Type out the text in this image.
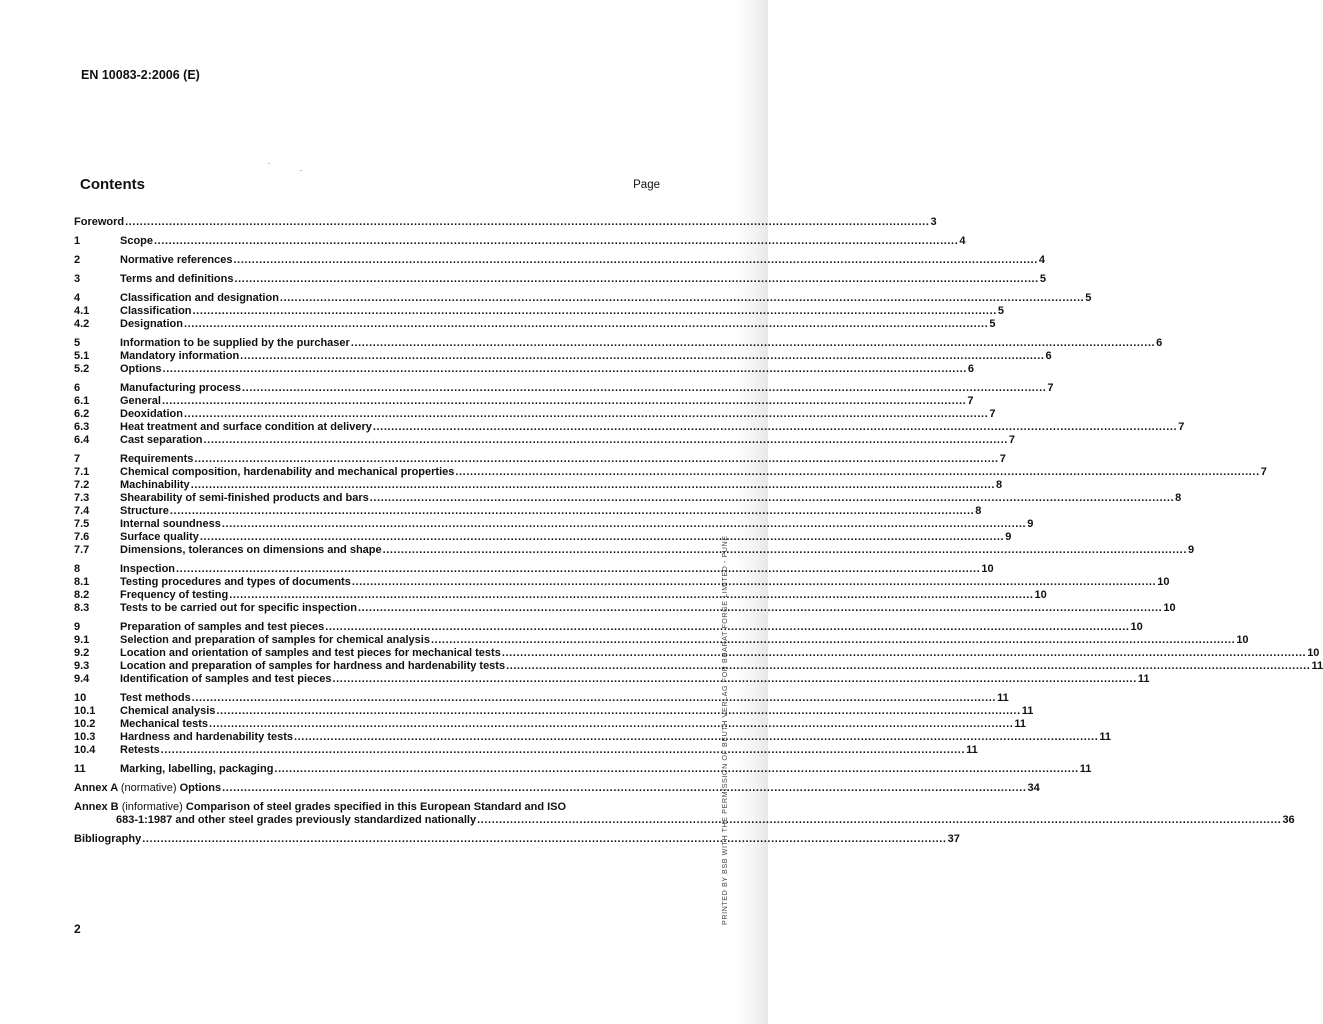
EN 10083-2:2006 (E)
Contents	Page
Foreword ............................................................................................................................................................................................................................ 3
1	Scope ............................................................................................................................................................................................................................ 4
2	Normative references ............................................................................................................................................................................................................................ 4
3	Terms and definitions ............................................................................................................................................................................................................................ 5
4	Classification and designation ............................................................................................................................................................................................................................ 5
4.1	Classification ............................................................................................................................................................................................................................ 5
4.2	Designation ............................................................................................................................................................................................................................ 5
5	Information to be supplied by the purchaser ............................................................................................................................................................................................................................ 6
5.1	Mandatory information ............................................................................................................................................................................................................................ 6
5.2	Options ............................................................................................................................................................................................................................ 6
6	Manufacturing process ............................................................................................................................................................................................................................ 7
6.1	General ............................................................................................................................................................................................................................ 7
6.2	Deoxidation ............................................................................................................................................................................................................................ 7
6.3	Heat treatment and surface condition at delivery ............................................................................................................................................................................................................................ 7
6.4	Cast separation ............................................................................................................................................................................................................................ 7
7	Requirements ............................................................................................................................................................................................................................ 7
7.1	Chemical composition, hardenability and mechanical properties ............................................................................................................................................................................................................................ 7
7.2	Machinability ............................................................................................................................................................................................................................ 8
7.3	Shearability of semi-finished products and bars ............................................................................................................................................................................................................................ 8
7.4	Structure ............................................................................................................................................................................................................................ 8
7.5	Internal soundness ............................................................................................................................................................................................................................ 9
7.6	Surface quality ............................................................................................................................................................................................................................ 9
7.7	Dimensions, tolerances on dimensions and shape ............................................................................................................................................................................................................................ 9
8	Inspection ............................................................................................................................................................................................................................ 10
8.1	Testing procedures and types of documents ............................................................................................................................................................................................................................ 10
8.2	Frequency of testing ............................................................................................................................................................................................................................ 10
8.3	Tests to be carried out for specific inspection ............................................................................................................................................................................................................................ 10
9	Preparation of samples and test pieces ............................................................................................................................................................................................................................ 10
9.1	Selection and preparation of samples for chemical analysis ............................................................................................................................................................................................................................ 10
9.2	Location and orientation of samples and test pieces for mechanical tests ............................................................................................................................................................................................................................ 10
9.3	Location and preparation of samples for hardness and hardenability tests ............................................................................................................................................................................................................................ 11
9.4	Identification of samples and test pieces ............................................................................................................................................................................................................................ 11
10	Test methods ............................................................................................................................................................................................................................ 11
10.1	Chemical analysis ............................................................................................................................................................................................................................ 11
10.2	Mechanical tests ............................................................................................................................................................................................................................ 11
10.3	Hardness and hardenability tests ............................................................................................................................................................................................................................ 11
10.4	Retests ............................................................................................................................................................................................................................ 11
11	Marking, labelling, packaging ............................................................................................................................................................................................................................ 11
Annex A (normative) Options ............................................................................................................................................................................................................................ 34
Annex B (informative) Comparison of steel grades specified in this European Standard and ISO
683-1:1987 and other steel grades previously standardized nationally ............................................................................................................................................................................................................................ 36
Bibliography ............................................................................................................................................................................................................................ 37
2
PRINTED BY BSB WITH THE PERMISSION OF BEUTH VERLAG FOR BHARAT FORGE LIMITED - PUNE
